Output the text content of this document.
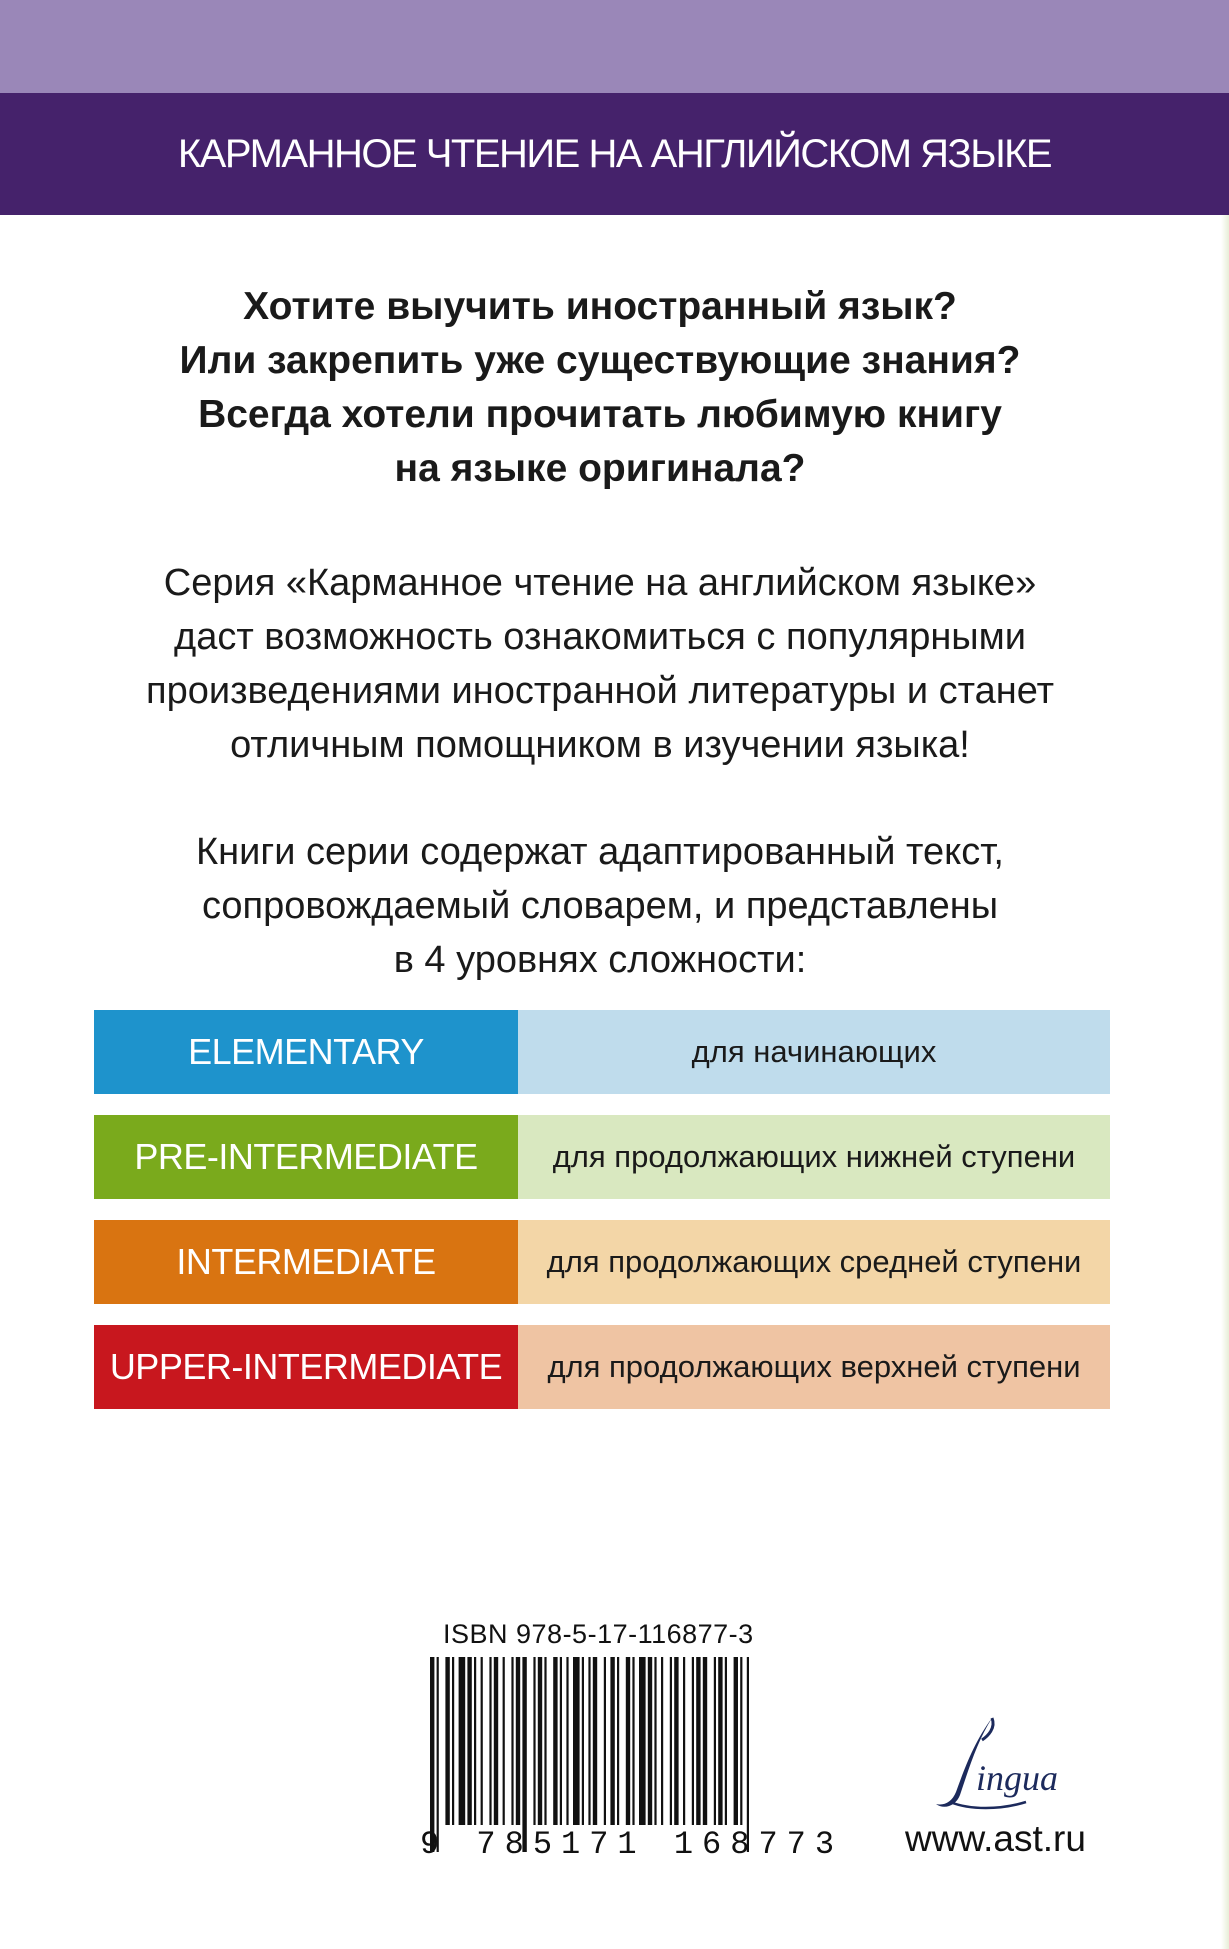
КАРМАННОЕ ЧТЕНИЕ НА АНГЛИЙСКОМ ЯЗЫКЕ
Хотите выучить иностранный язык?
Или закрепить уже существующие знания?
Всегда хотели прочитать любимую книгу
на языке оригинала?
Серия «Карманное чтение на английском языке»
даст возможность ознакомиться с популярными
произведениями иностранной литературы и станет
отличным помощником в изучении языка!
Книги серии содержат адаптированный текст,
сопровождаемый словарем, и представлены
в 4 уровнях сложности:
ELEMENTARY	для начинающих
PRE-INTERMEDIATE	для продолжающих нижней ступени
INTERMEDIATE	для продолжающих средней ступени
UPPER-INTERMEDIATE	для продолжающих верхней ступени
ISBN 978-5-17-116877-3
9 785171 168773
ingua
www.ast.ru
